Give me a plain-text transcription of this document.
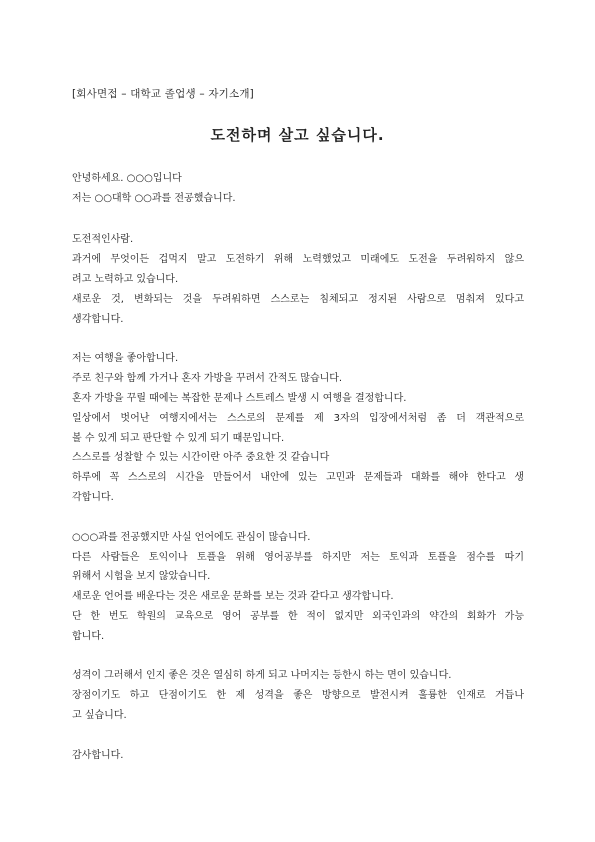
[회사면접 – 대학교 졸업생 – 자기소개]
도전하며 살고 싶습니다.
안녕하세요. ○○○입니다
저는 ○○대학 ○○과를 전공했습니다.
도전적인사람.
과거에 무엇이든 겁먹지 말고 도전하기 위해 노력했었고 미래에도 도전을 두려워하지 않으
려고 노력하고 있습니다.
새로운 것, 변화되는 것을 두려워하면 스스로는 침체되고 정지된 사람으로 멈춰져 있다고
생각합니다.
저는 여행을 좋아합니다.
주로 친구와 함께 가거나 혼자 가방을 꾸려서 간적도 많습니다.
혼자 가방을 꾸릴 때에는 복잡한 문제나 스트레스 발생 시 여행을 결정합니다.
일상에서 벗어난 여행지에서는 스스로의 문제를 제 3자의 입장에서처럼 좀 더 객관적으로
볼 수 있게 되고 판단할 수 있게 되기 때문입니다.
스스로를 성찰할 수 있는 시간이란 아주 중요한 것 같습니다
하루에 꼭 스스로의 시간을 만들어서 내안에 있는 고민과 문제들과 대화를 해야 한다고 생
각합니다.
○○○과를 전공했지만 사실 언어에도 관심이 많습니다.
다른 사람들은 토익이나 토플을 위해 영어공부를 하지만 저는 토익과 토플을 점수를 따기
위해서 시험을 보지 않았습니다.
새로운 언어를 배운다는 것은 새로운 문화를 보는 것과 같다고 생각합니다.
단 한 번도 학원의 교육으로 영어 공부를 한 적이 없지만 외국인과의 약간의 회화가 가능
합니다.
성격이 그러해서 인지 좋은 것은 열심히 하게 되고 나머지는 등한시 하는 면이 있습니다.
장점이기도 하고 단점이기도 한 제 성격을 좋은 방향으로 발전시켜 훌륭한 인재로 거듭나
고 싶습니다.
감사합니다.
